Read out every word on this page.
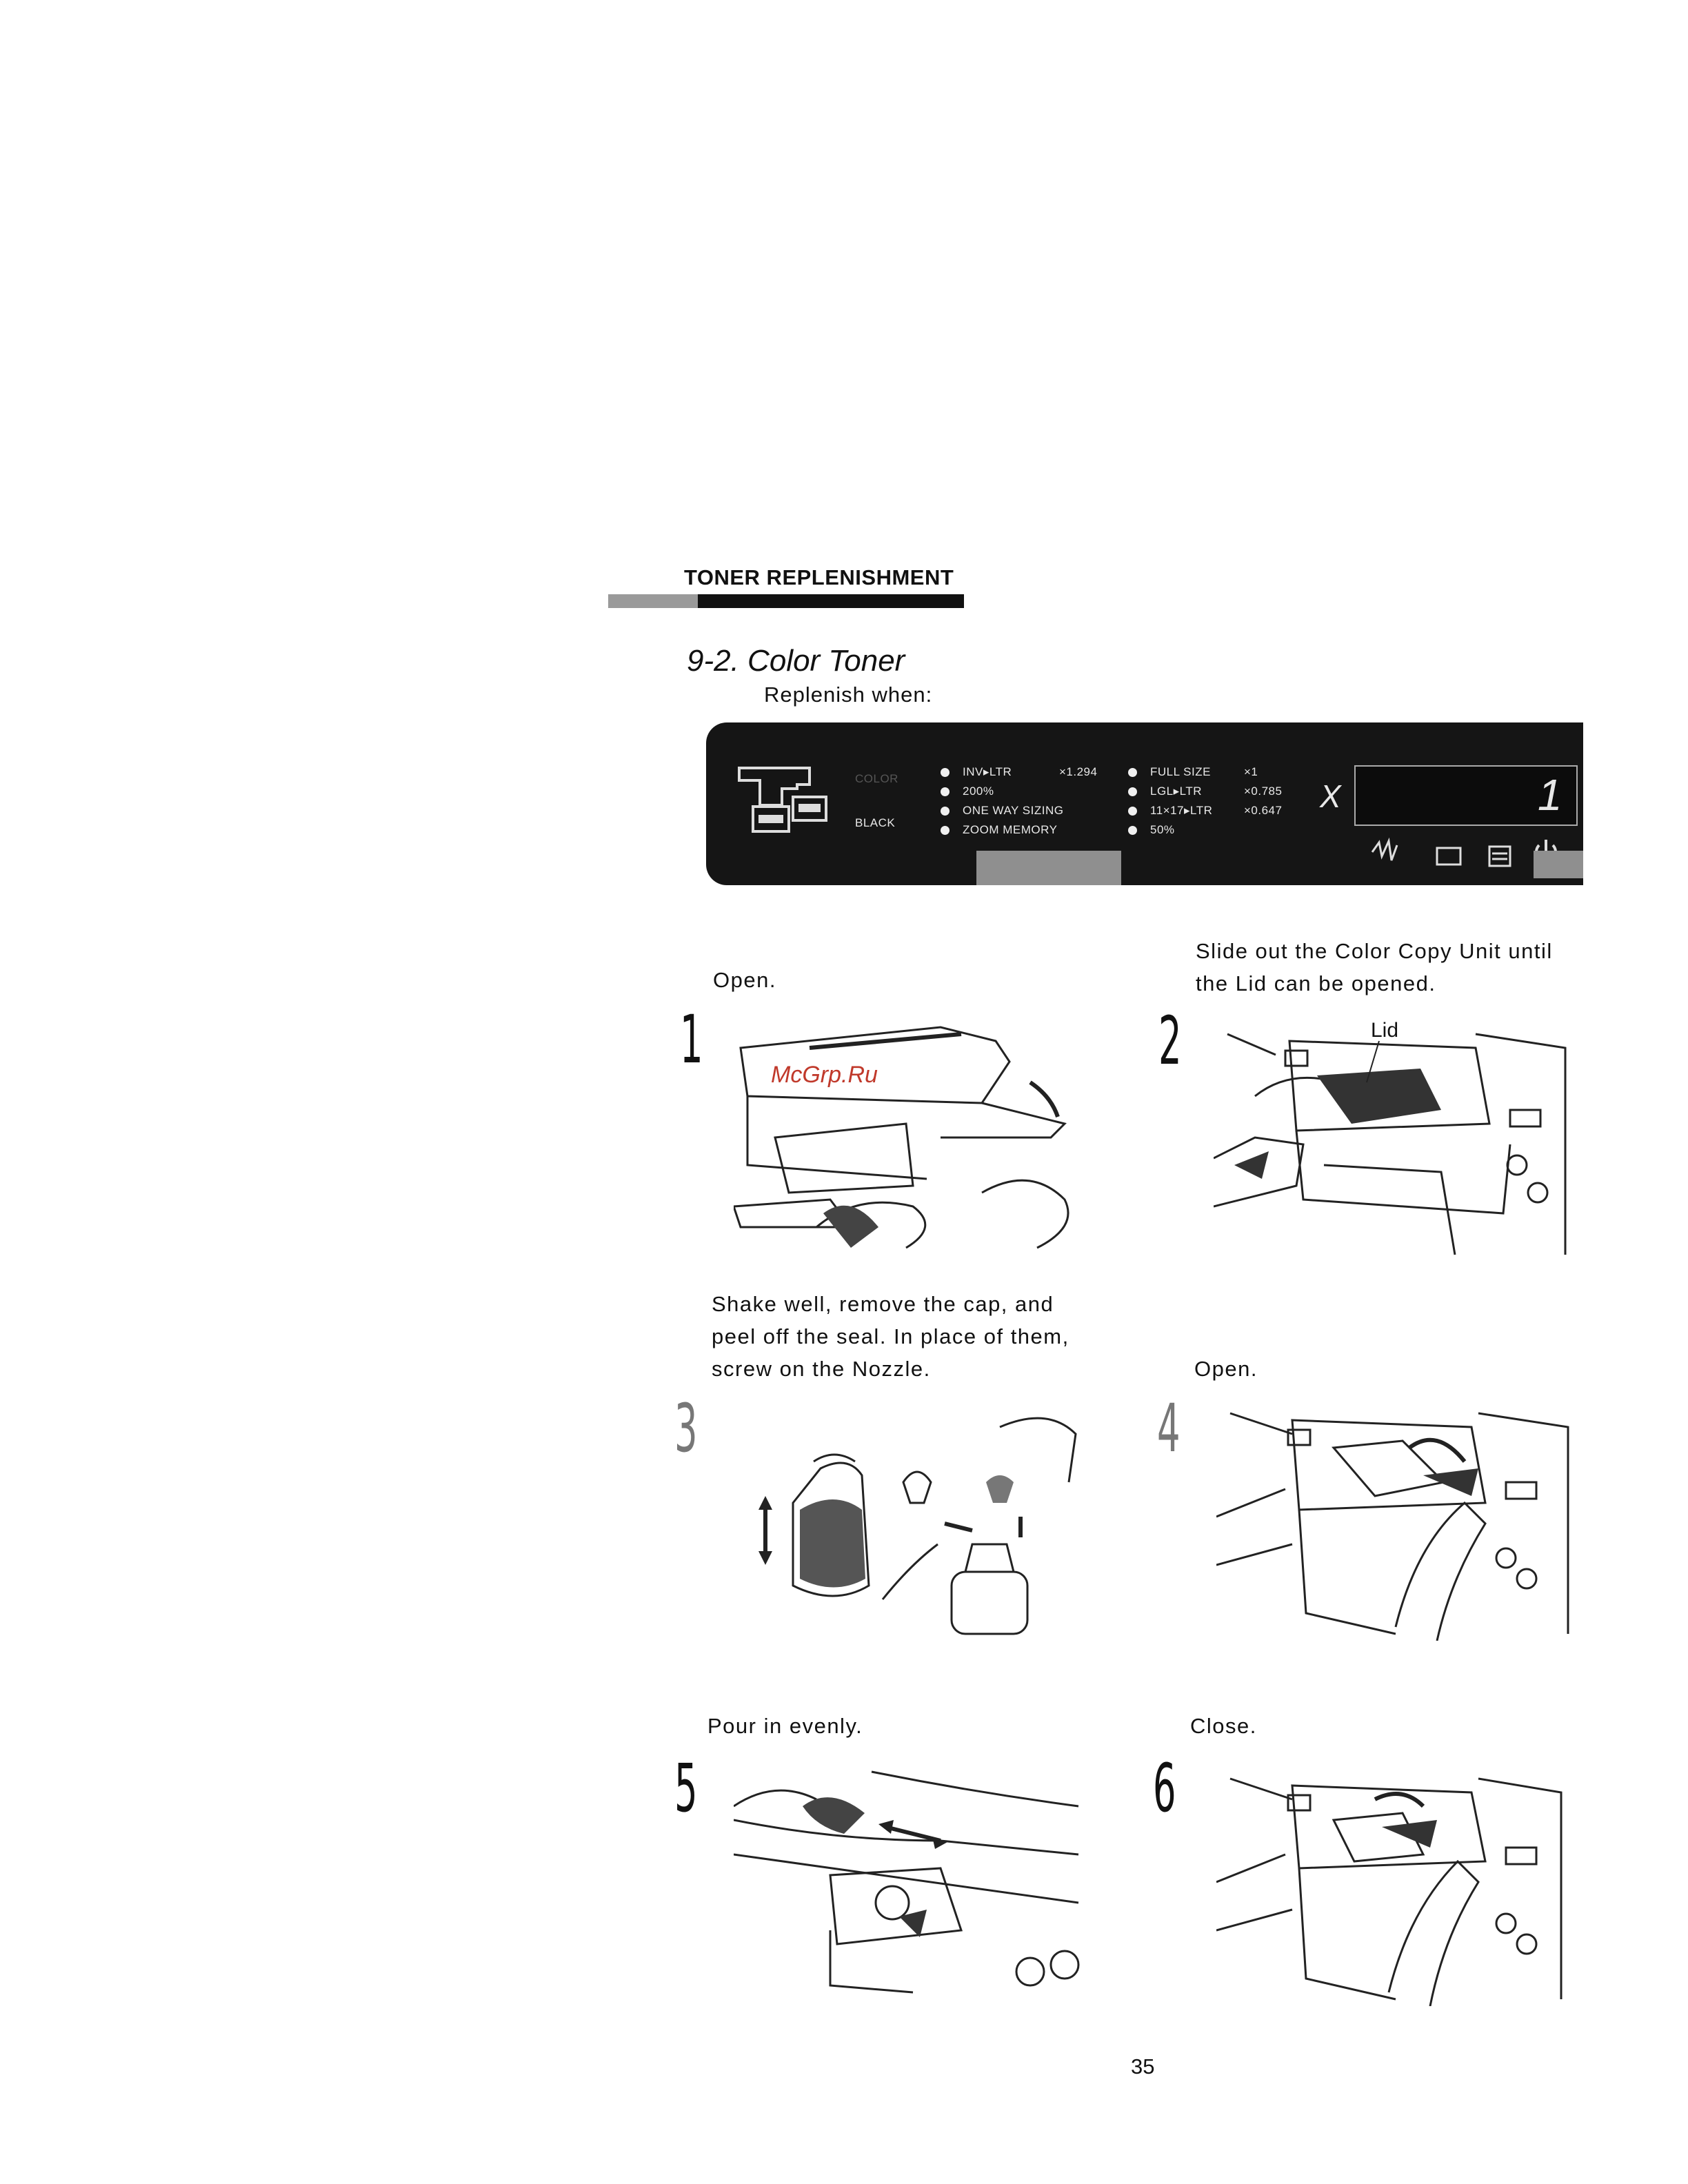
TONER REPLENISHMENT
9-2. Color Toner
Replenish when:
COLOR
BLACK
INV▸LTR	×1.294
200%
ONE WAY SIZING
ZOOM MEMORY
FULL SIZE	×1
LGL▸LTR	×0.785
11×17▸LTR	×0.647
50%
X	1
Open.
1	McGrp.Ru
Slide out the Color Copy Unit until
the Lid can be opened.
2	Lid
Shake well, remove the cap, and
peel off the seal. In place of them,
screw on the Nozzle.
3
Open.
4
Pour in evenly.
5
Close.
6
35
